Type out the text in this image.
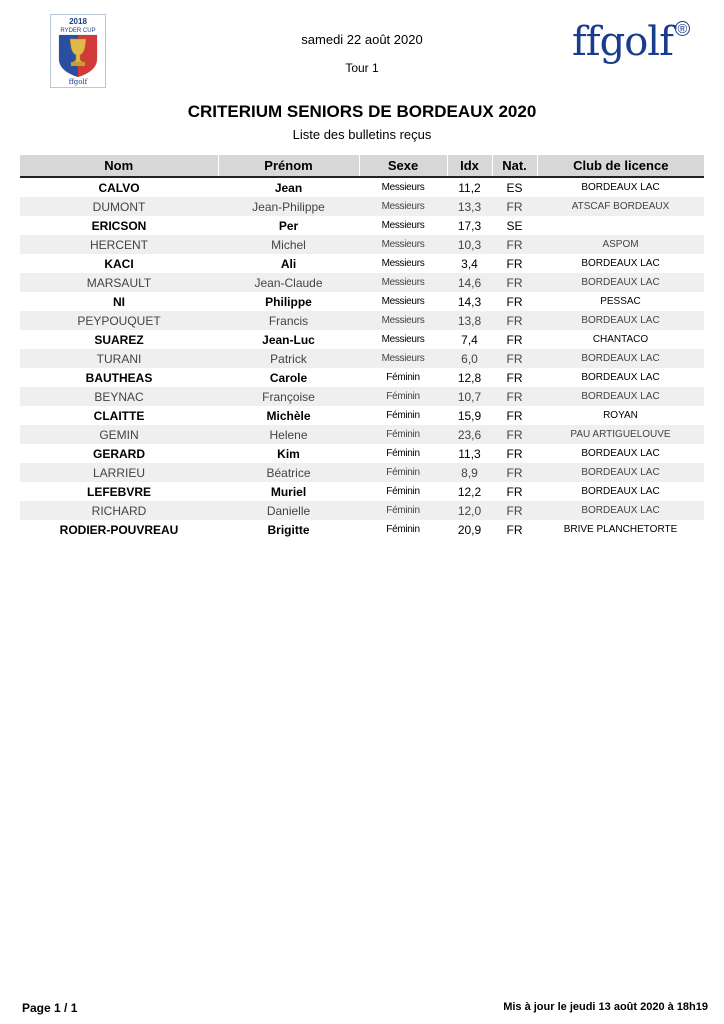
2018
RYDER CUP
ffgolf
ffgolf ®
samedi 22 août 2020
Tour 1
CRITERIUM SENIORS DE BORDEAUX 2020
Liste des bulletins reçus
Nom	Prénom	Sexe	Idx	Nat.	Club de licence
CALVO	Jean	Messieurs	11,2	ES	BORDEAUX LAC
DUMONT	Jean-Philippe	Messieurs	13,3	FR	ATSCAF BORDEAUX
ERICSON	Per	Messieurs	17,3	SE	
HERCENT	Michel	Messieurs	10,3	FR	ASPOM
KACI	Ali	Messieurs	3,4	FR	BORDEAUX LAC
MARSAULT	Jean-Claude	Messieurs	14,6	FR	BORDEAUX LAC
NI	Philippe	Messieurs	14,3	FR	PESSAC
PEYPOUQUET	Francis	Messieurs	13,8	FR	BORDEAUX LAC
SUAREZ	Jean-Luc	Messieurs	7,4	FR	CHANTACO
TURANI	Patrick	Messieurs	6,0	FR	BORDEAUX LAC
BAUTHEAS	Carole	Féminin	12,8	FR	BORDEAUX LAC
BEYNAC	Françoise	Féminin	10,7	FR	BORDEAUX LAC
CLAITTE	Michèle	Féminin	15,9	FR	ROYAN
GEMIN	Helene	Féminin	23,6	FR	PAU ARTIGUELOUVE
GERARD	Kim	Féminin	11,3	FR	BORDEAUX LAC
LARRIEU	Béatrice	Féminin	8,9	FR	BORDEAUX LAC
LEFEBVRE	Muriel	Féminin	12,2	FR	BORDEAUX LAC
RICHARD	Danielle	Féminin	12,0	FR	BORDEAUX LAC
RODIER-POUVREAU	Brigitte	Féminin	20,9	FR	BRIVE PLANCHETORTE
Page 1 / 1	Mis à jour le jeudi 13 août 2020 à 18h19
